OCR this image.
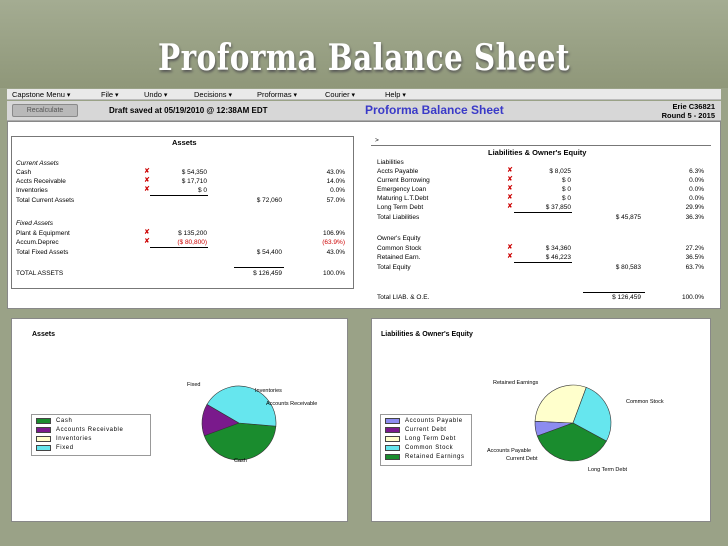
Proforma Balance Sheet
Capstone Menu ▾	File ▾	Undo ▾	Decisions ▾	Proformas ▾	Courier ▾	Help ▾
Recalculate	Draft saved at 05/19/2010 @ 12:38AM EDT	Proforma Balance Sheet	Erie C36821
Round 5 - 2015
Assets
Current Assets
Cash	✘	$ 54,350	43.0%
Accts Receivable	✘	$ 17,710	14.0%
Inventories	✘	$ 0	0.0%
Total Current Assets	$ 72,060	57.0%
Fixed Assets
Plant & Equipment	✘	$ 135,200	106.9%
Accum.Deprec	✘	($ 80,800)	(63.9%)
Total Fixed Assets	$ 54,400	43.0%
TOTAL ASSETS	$ 126,459	100.0%
>
Liabilities & Owner's Equity
Liabilities
Accts Payable	✘	$ 8,025	6.3%
Current Borrowing	✘	$ 0	0.0%
Emergency Loan	✘	$ 0	0.0%
Maturing L.T.Debt	✘	$ 0	0.0%
Long Term Debt	✘	$ 37,850	29.9%
Total Liabilities	$ 45,875	36.3%
Owner's Equity
Common Stock	✘	$ 34,360	27.2%
Retained Earn.	✘	$ 46,223	36.5%
Total Equity	$ 80,583	63.7%
Total LIAB. & O.E.	$ 126,459	100.0%
Assets
Fixed
Inventories
Accounts Receivable
Cash
Cash
Accounts Receivable
Inventories
Fixed
Liabilities & Owner's Equity
Retained Earnings
Common Stock
Long Term Debt
Accounts Payable
Current Debt
Accounts Payable
Current Debt
Long Term Debt
Common Stock
Retained Earnings
